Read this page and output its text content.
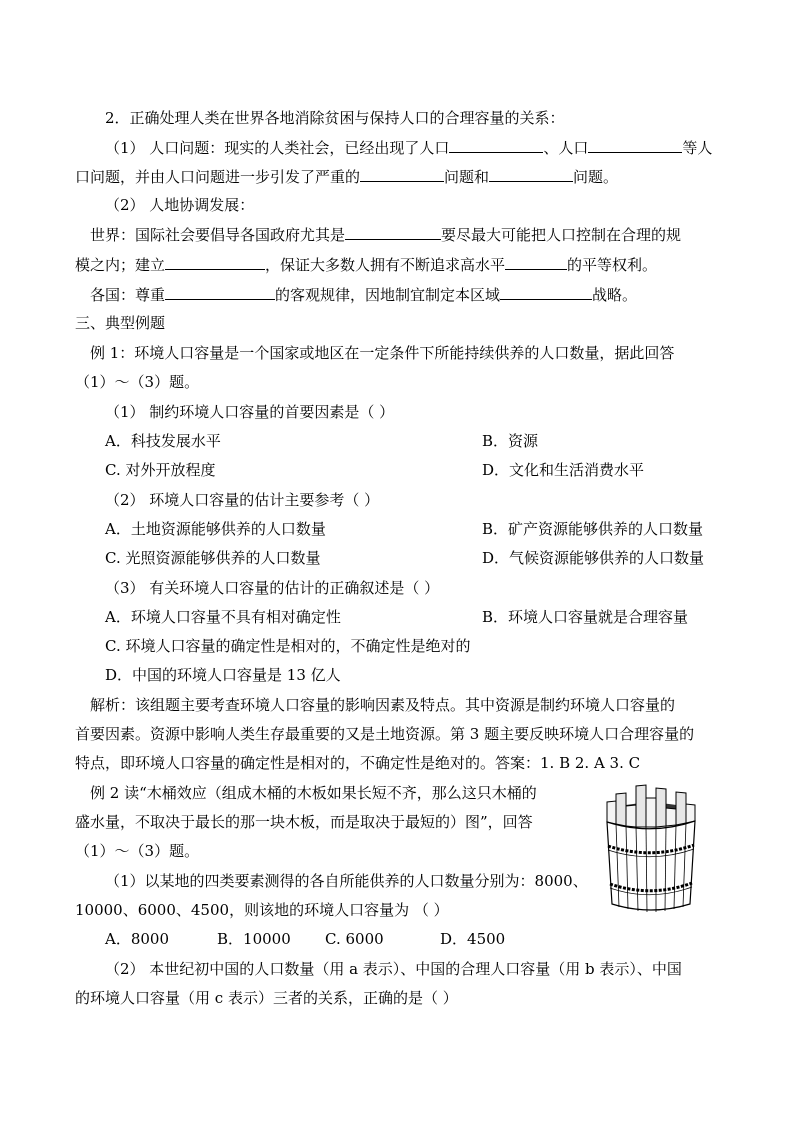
2．正确处理人类在世界各地消除贫困与保持人口的合理容量的关系：
（1） 人口问题：现实的人类社会，已经出现了人口	、人口	等人
口问题，并由人口问题进一步引发了严重的	问题和	问题。
（2） 人地协调发展：
世界：国际社会要倡导各国政府尤其是	要尽最大可能把人口控制在合理的规
模之内；建立	，保证大多数人拥有不断追求高水平	的平等权利。
各国：尊重	的客观规律，因地制宜制定本区域	战略。
三、典型例题
例 1：环境人口容量是一个国家或地区在一定条件下所能持续供养的人口数量，据此回答
（1）～（3）题。
（1） 制约环境人口容量的首要因素是（ ）
A．科技发展水平	B．资源
C. 对外开放程度	D．文化和生活消费水平
（2） 环境人口容量的估计主要参考（ ）
A．土地资源能够供养的人口数量	B．矿产资源能够供养的人口数量
C. 光照资源能够供养的人口数量	D．气候资源能够供养的人口数量
（3） 有关环境人口容量的估计的正确叙述是（ ）
A．环境人口容量不具有相对确定性	B．环境人口容量就是合理容量
C. 环境人口容量的确定性是相对的，不确定性是绝对的
D．中国的环境人口容量是 13 亿人
解析：该组题主要考查环境人口容量的影响因素及特点。其中资源是制约环境人口容量的
首要因素。资源中影响人类生存最重要的又是土地资源。第 3 题主要反映环境人口合理容量的
特点，即环境人口容量的确定性是相对的，不确定性是绝对的。答案：1. B 2. A 3. C
例 2 读“木桶效应（组成木桶的木板如果长短不齐，那么这只木桶的
盛水量，不取决于最长的那一块木板，而是取决于最短的）图”，回答
（1）～（3）题。
（1）以某地的四类要素测得的各自所能供养的人口数量分别为：8000、
10000、6000、4500，则该地的环境人口容量为 （ ）
A．8000	B．10000 C. 6000	D．4500
（2） 本世纪初中国的人口数量（用 a 表示）、中国的合理人口容量（用 b 表示）、中国
的环境人口容量（用 c 表示）三者的关系，正确的是（ ）
